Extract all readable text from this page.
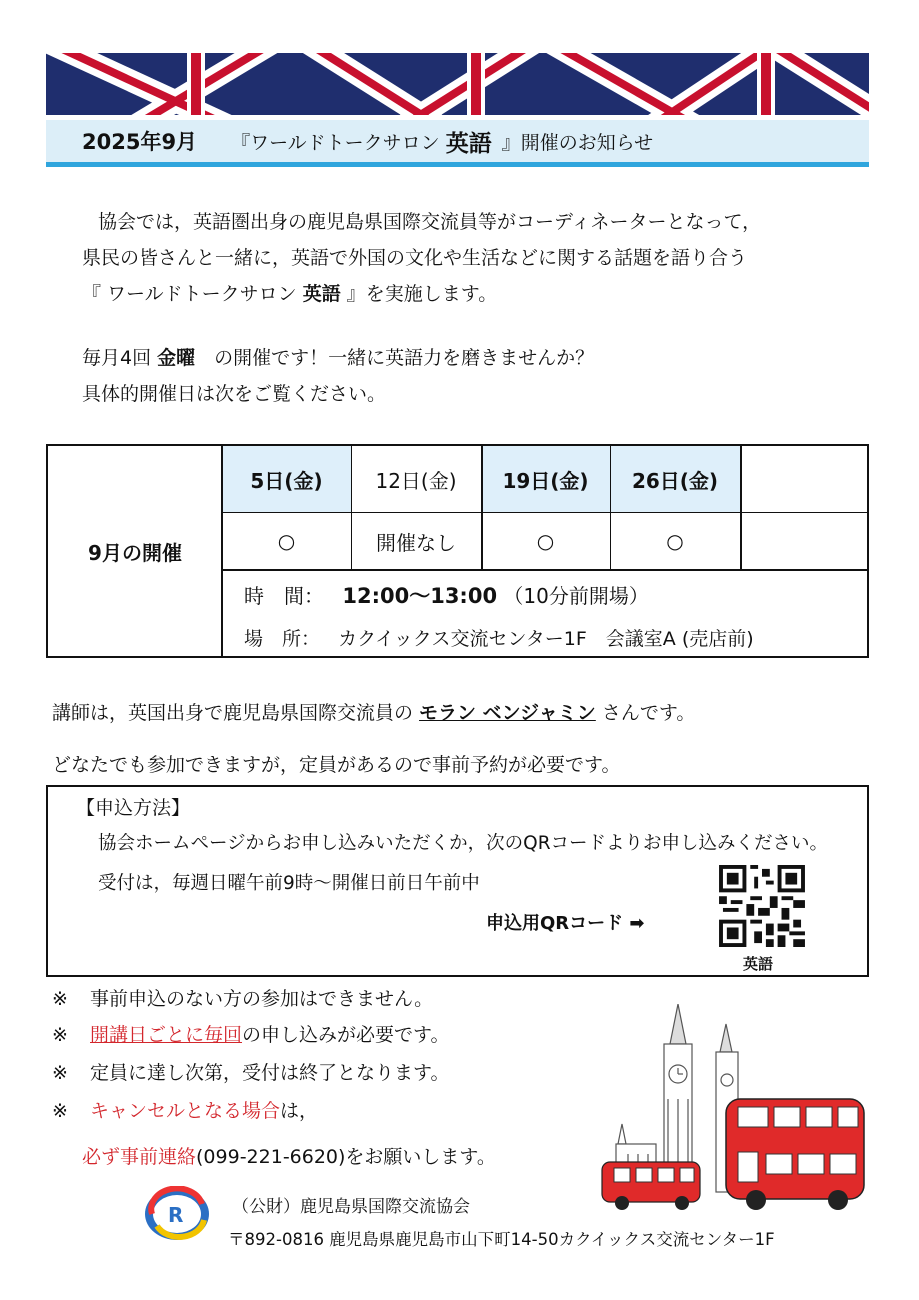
2025年9月 『ワールドトークサロン 英語 』開催のお知らせ
協会では，英語圏出身の鹿児島県国際交流員等がコーディネーターとなって，
県民の皆さんと一緒に，英語で外国の文化や生活などに関する話題を語り合う
『 ワールドトークサロン 英語 』を実施します。
毎月4回 金曜　の開催です！一緒に英語力を磨きませんか？
具体的開催日は次をご覧ください。
5日(金)	12日(金)	19日(金)	26日(金)
○	開催なし	○	○
9月の開催
時　間： 12:00～13:00 （10分前開場）
場　所： カクイックス交流センター1F　会議室A (売店前)
講師は，英国出身で鹿児島県国際交流員の モラン ベンジャミン さんです。
どなたでも参加できますが，定員があるので事前予約が必要です。
【申込方法】
協会ホームページからお申し込みいただくか，次のQRコードよりお申し込みください。
受付は，毎週日曜午前9時～開催日前日午前中
申込用QRコード ➡
英語
※ 事前申込のない方の参加はできません。
※ 開講日ごとに毎回の申し込みが必要です。
※ 定員に達し次第，受付は終了となります。
※ キャンセルとなる場合は，
必ず事前連絡(099-221-6620)をお願いします。
R	（公財）鹿児島県国際交流協会
〒892-0816 鹿児島県鹿児島市山下町14-50カクイックス交流センター1F
